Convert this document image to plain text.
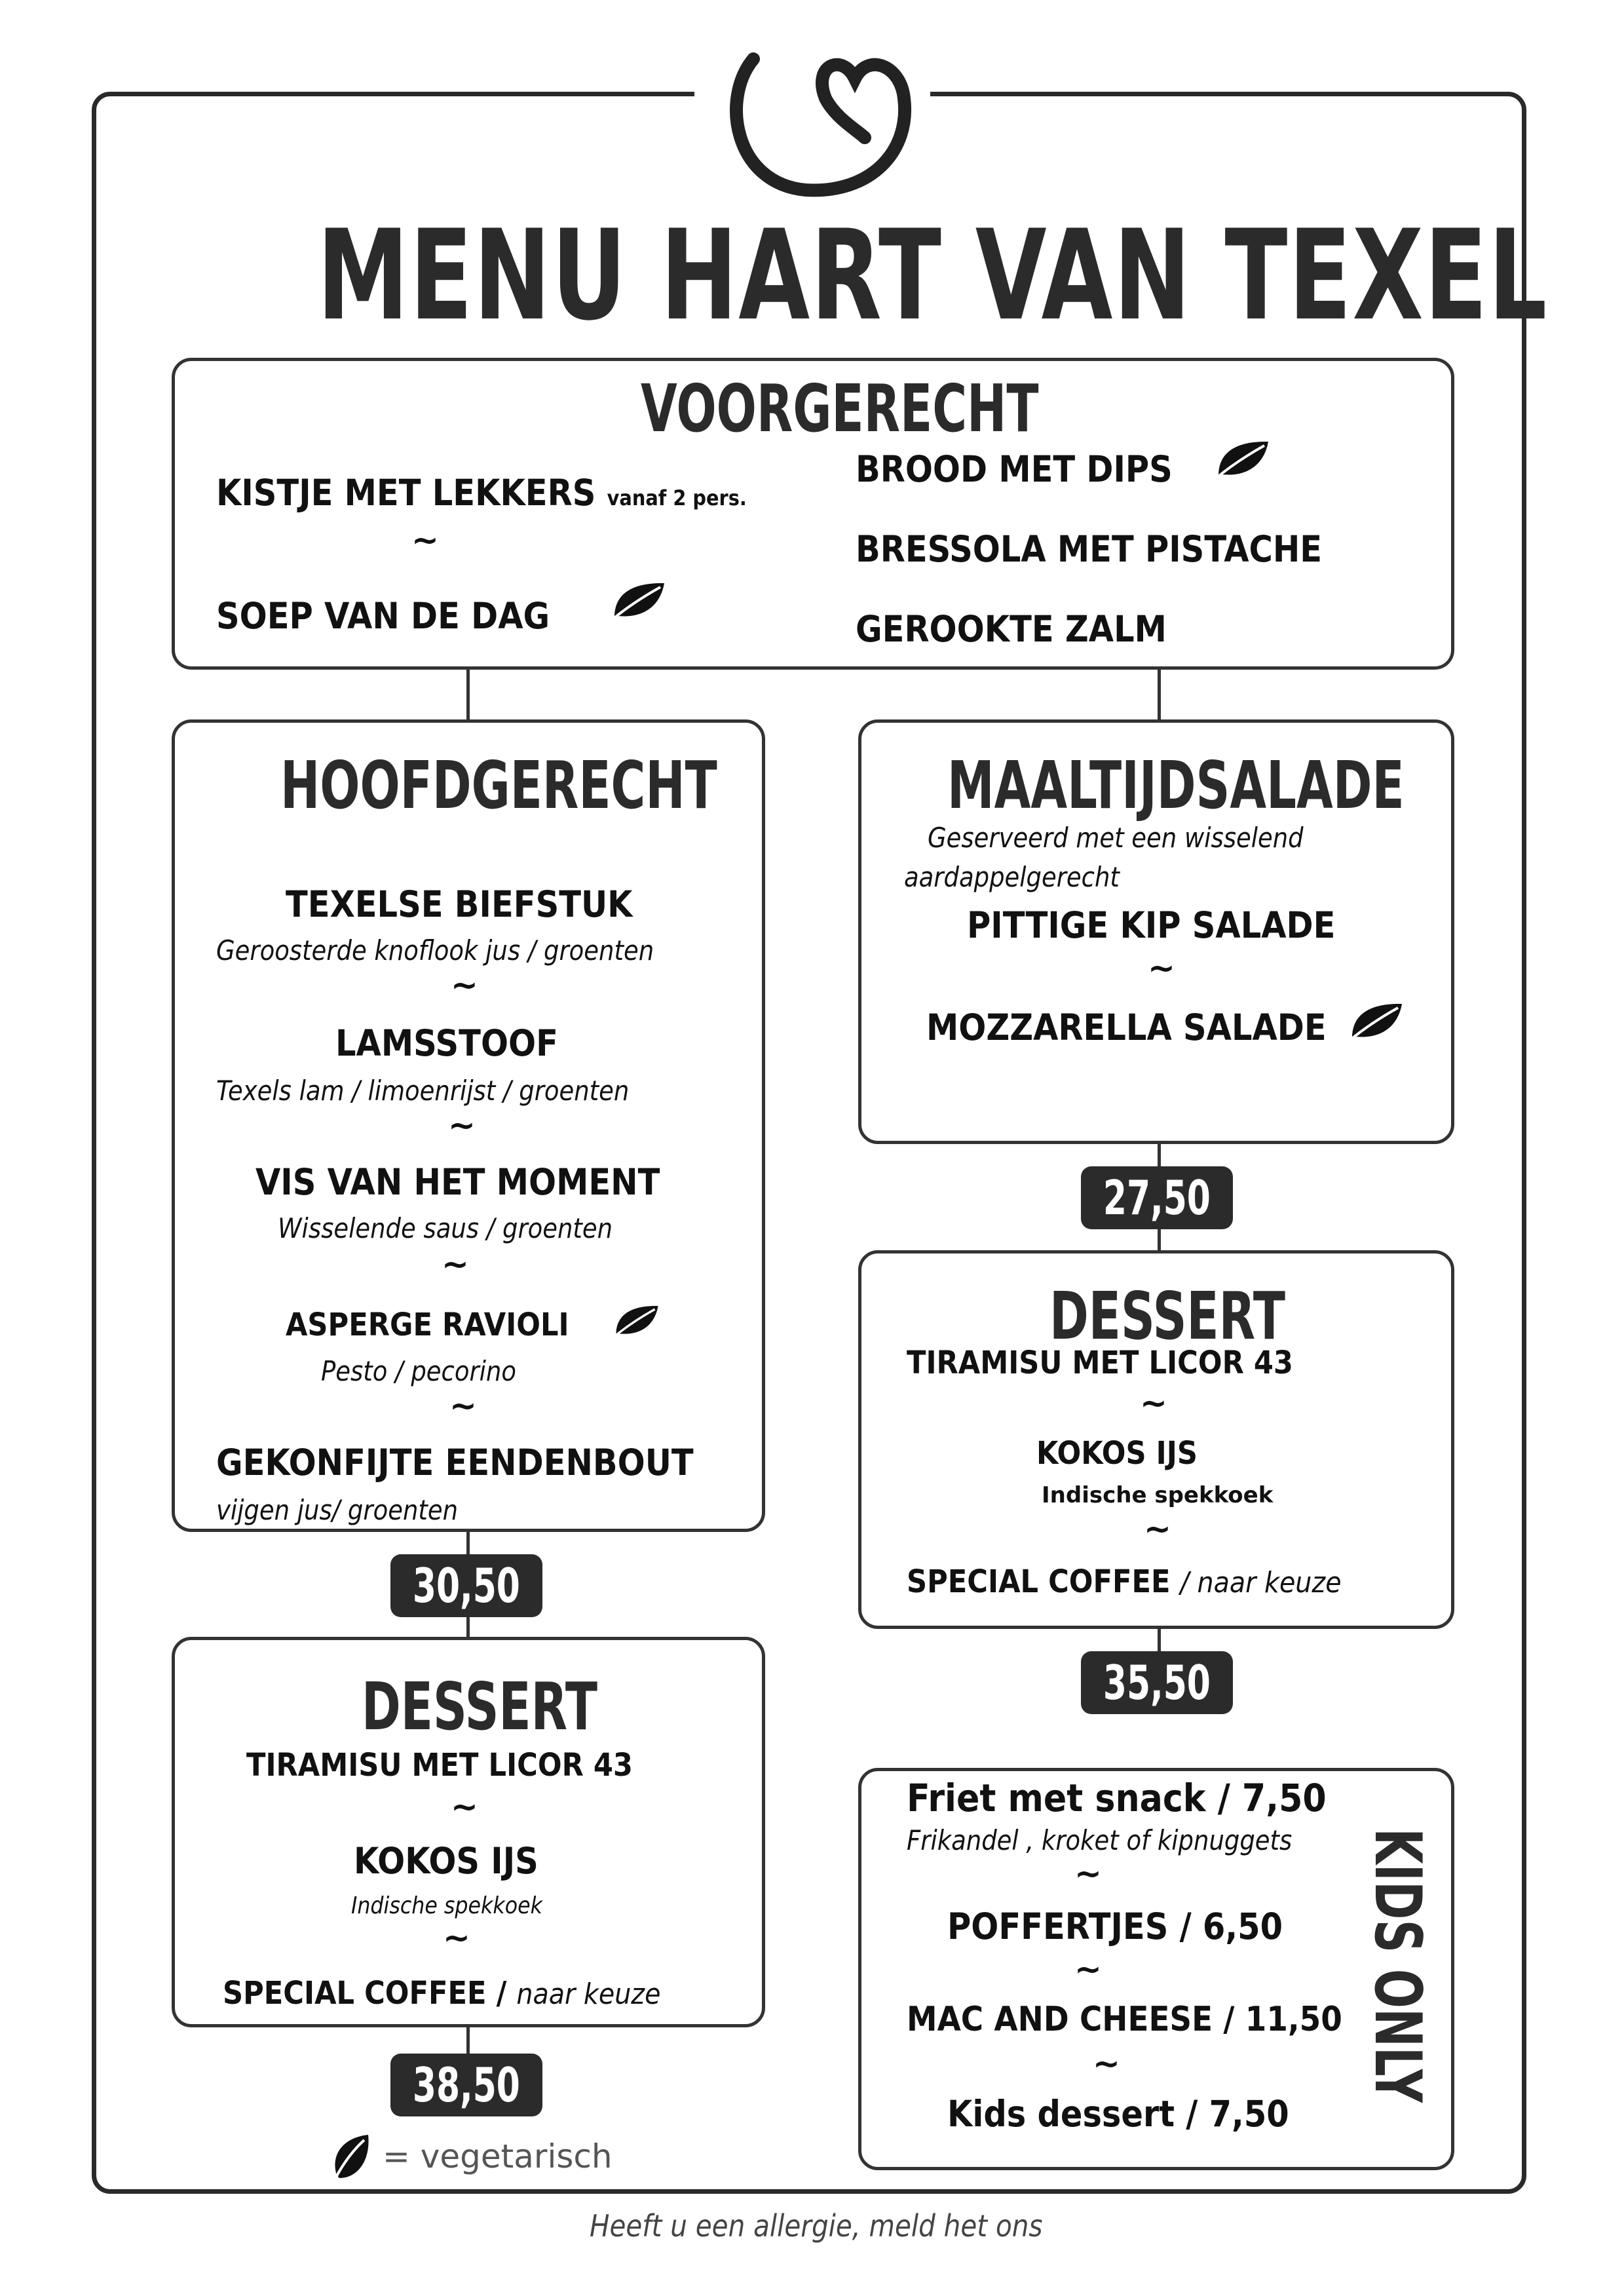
MENU HART VAN TEXEL
VOORGERECHT
KISTJE MET LEKKERS vanaf 2 pers.
~
SOEP VAN DE DAG
BROOD MET DIPS
BRESSOLA MET PISTACHE
GEROOKTE ZALM
HOOFDGERECHT
TEXELSE BIEFSTUK
Geroosterde knoflook jus / groenten
~
LAMSSTOOF
Texels lam / limoenrijst / groenten
~
VIS VAN HET MOMENT
Wisselende saus / groenten
~
ASPERGE RAVIOLI
Pesto / pecorino
~
GEKONFIJTE EENDENBOUT
vijgen jus/ groenten
30,50
DESSERT
TIRAMISU MET LICOR 43
~
KOKOS IJS
Indische spekkoek
~
SPECIAL COFFEE / naar keuze
38,50
MAALTIJDSALADE
Geserveerd met een wisselend
aardappelgerecht
PITTIGE KIP SALADE
~
MOZZARELLA SALADE
27,50
DESSERT
TIRAMISU MET LICOR 43
~
KOKOS IJS
Indische spekkoek
~
SPECIAL COFFEE / naar keuze
35,50
Friet met snack / 7,50
Frikandel , kroket of kipnuggets
~
POFFERTJES / 6,50
~
MAC AND CHEESE / 11,50
~
Kids dessert / 7,50
KIDS ONLY
= vegetarisch
Heeft u een allergie, meld het ons
